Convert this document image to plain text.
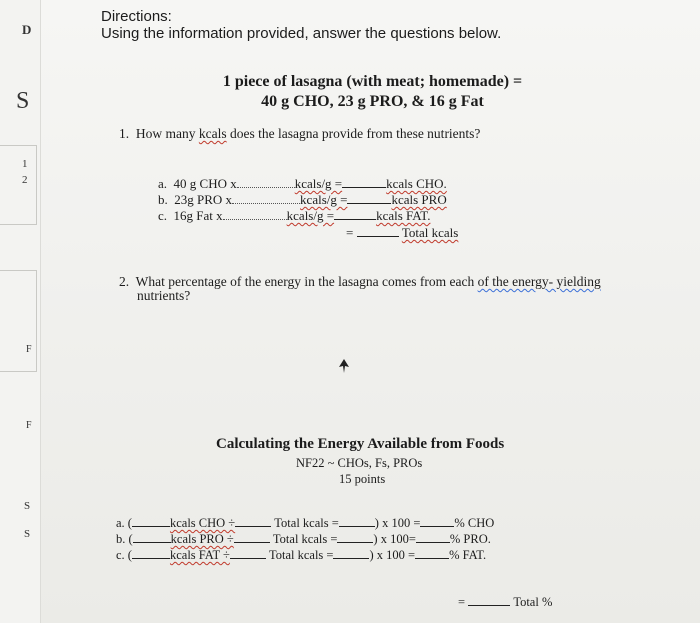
D
S
1
2
F
F
S
S
Directions:
Using the information provided, answer the questions below.
1 piece of lasagna (with meat; homemade) =
40 g CHO, 23 g PRO, & 16 g Fat
1. How many kcals does the lasagna provide from these nutrients?
a. 40 g CHO x	kcals/g =	kcals CHO.
b. 23g PRO x	kcals/g =	kcals PRO
c. 16g Fat x	kcals/g =	kcals FAT.
=	Total kcals
2. What percentage of the energy in the lasagna comes from each of the energy- yielding
nutrients?
Calculating the Energy Available from Foods
NF22 ~ CHOs, Fs, PROs
15 points
a. (	kcals CHO ÷	Total kcals =	) x 100 =	% CHO
b. (	kcals PRO ÷	Total kcals =	) x 100=	% PRO.
c. (	kcals FAT ÷	Total kcals =	) x 100 =	% FAT.
=	Total %
